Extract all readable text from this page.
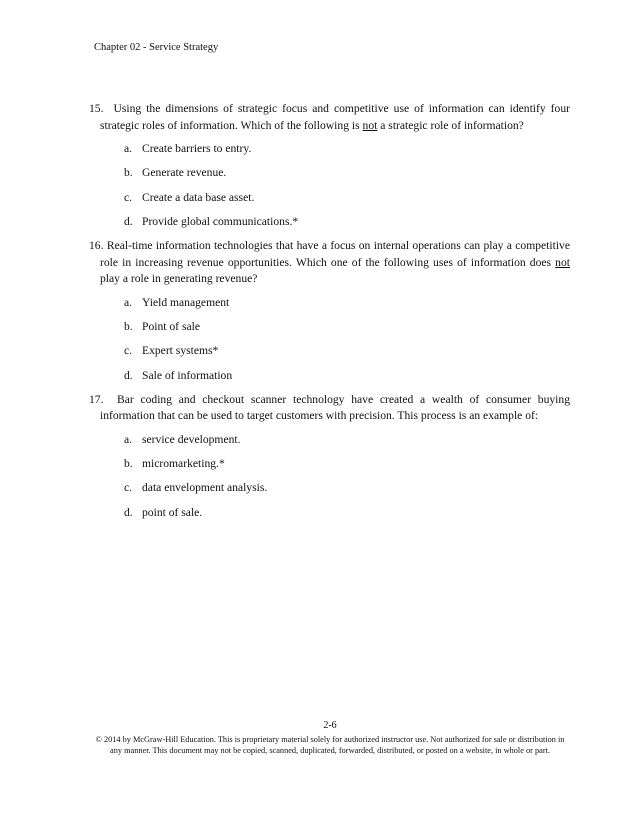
Chapter 02 - Service Strategy
15. Using the dimensions of strategic focus and competitive use of information can identify four strategic roles of information. Which of the following is not a strategic role of information?
a. Create barriers to entry.
b. Generate revenue.
c. Create a data base asset.
d. Provide global communications.*
16. Real-time information technologies that have a focus on internal operations can play a competitive role in increasing revenue opportunities. Which one of the following uses of information does not play a role in generating revenue?
a. Yield management
b. Point of sale
c. Expert systems*
d. Sale of information
17. Bar coding and checkout scanner technology have created a wealth of consumer buying information that can be used to target customers with precision. This process is an example of:
a. service development.
b. micromarketing.*
c. data envelopment analysis.
d. point of sale.
2-6
© 2014 by McGraw-Hill Education. This is proprietary material solely for authorized instructor use. Not authorized for sale or distribution in any manner. This document may not be copied, scanned, duplicated, forwarded, distributed, or posted on a website, in whole or part.
